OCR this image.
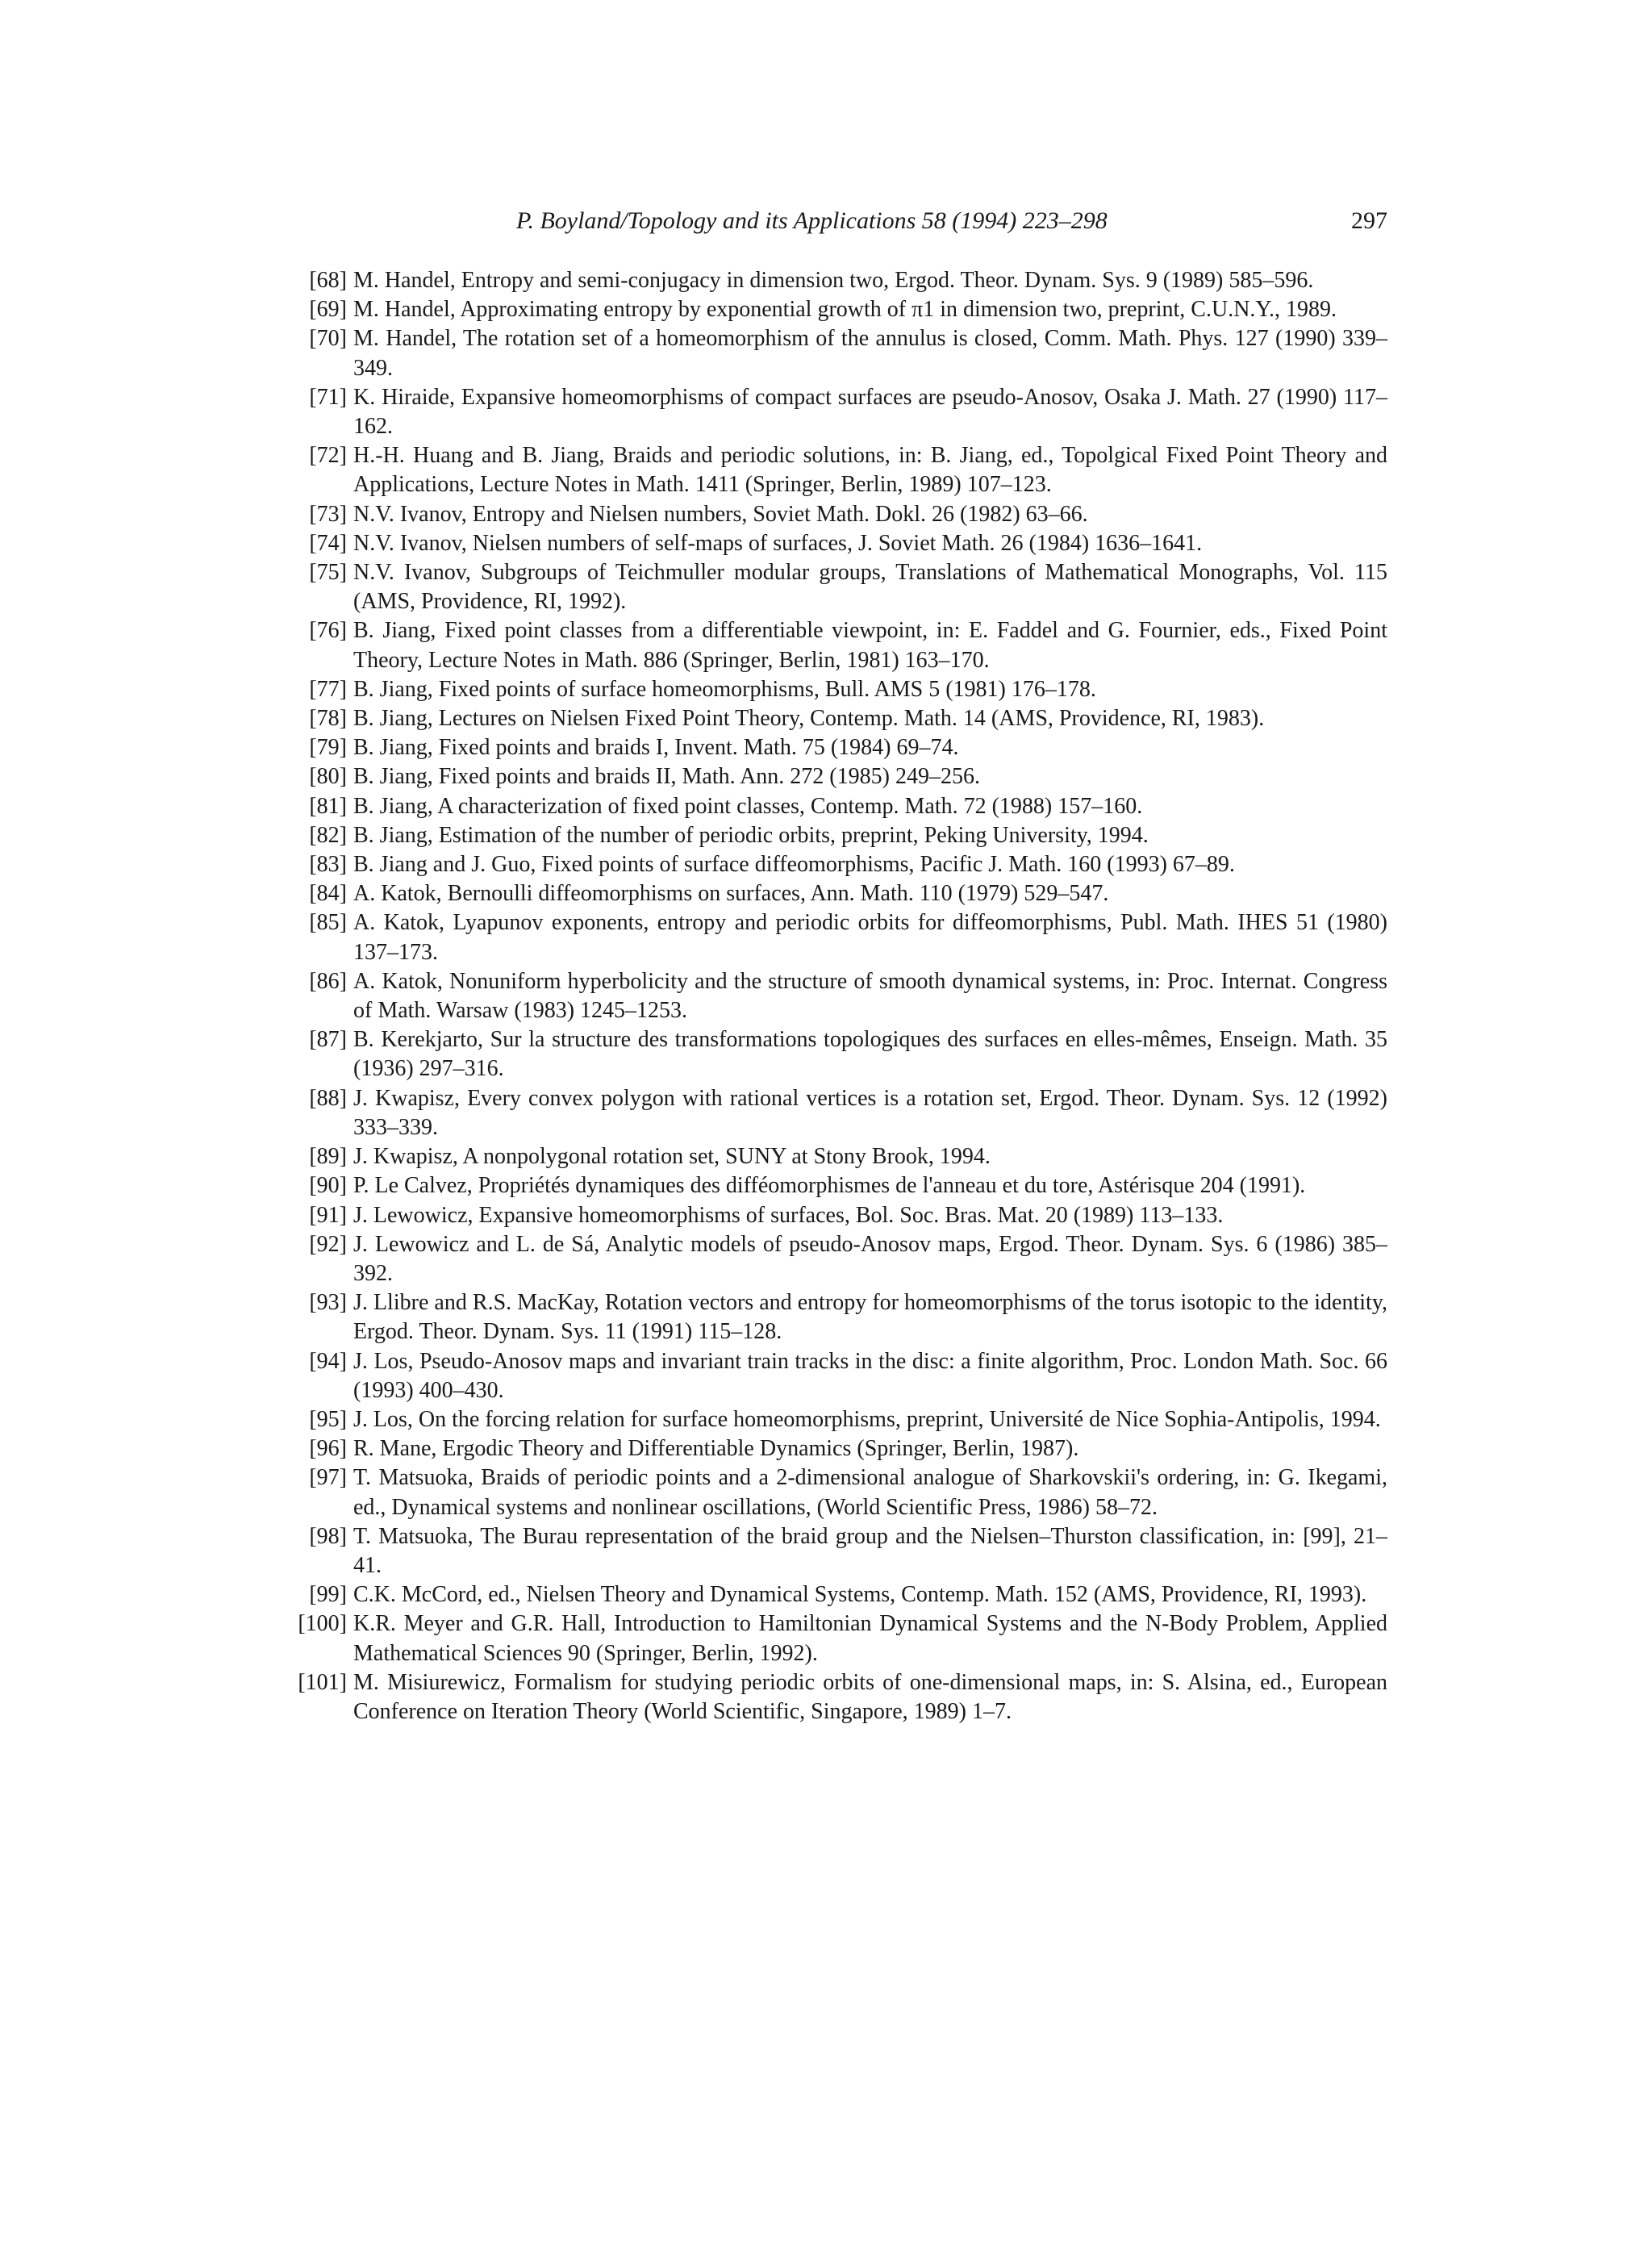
P. Boyland/Topology and its Applications 58 (1994) 223–298	297
[68] M. Handel, Entropy and semi-conjugacy in dimension two, Ergod. Theor. Dynam. Sys. 9 (1989) 585–596.
[69] M. Handel, Approximating entropy by exponential growth of π1 in dimension two, preprint, C.U.N.Y., 1989.
[70] M. Handel, The rotation set of a homeomorphism of the annulus is closed, Comm. Math. Phys. 127 (1990) 339–349.
[71] K. Hiraide, Expansive homeomorphisms of compact surfaces are pseudo-Anosov, Osaka J. Math. 27 (1990) 117–162.
[72] H.-H. Huang and B. Jiang, Braids and periodic solutions, in: B. Jiang, ed., Topolgical Fixed Point Theory and Applications, Lecture Notes in Math. 1411 (Springer, Berlin, 1989) 107–123.
[73] N.V. Ivanov, Entropy and Nielsen numbers, Soviet Math. Dokl. 26 (1982) 63–66.
[74] N.V. Ivanov, Nielsen numbers of self-maps of surfaces, J. Soviet Math. 26 (1984) 1636–1641.
[75] N.V. Ivanov, Subgroups of Teichmuller modular groups, Translations of Mathematical Monographs, Vol. 115 (AMS, Providence, RI, 1992).
[76] B. Jiang, Fixed point classes from a differentiable viewpoint, in: E. Faddel and G. Fournier, eds., Fixed Point Theory, Lecture Notes in Math. 886 (Springer, Berlin, 1981) 163–170.
[77] B. Jiang, Fixed points of surface homeomorphisms, Bull. AMS 5 (1981) 176–178.
[78] B. Jiang, Lectures on Nielsen Fixed Point Theory, Contemp. Math. 14 (AMS, Providence, RI, 1983).
[79] B. Jiang, Fixed points and braids I, Invent. Math. 75 (1984) 69–74.
[80] B. Jiang, Fixed points and braids II, Math. Ann. 272 (1985) 249–256.
[81] B. Jiang, A characterization of fixed point classes, Contemp. Math. 72 (1988) 157–160.
[82] B. Jiang, Estimation of the number of periodic orbits, preprint, Peking University, 1994.
[83] B. Jiang and J. Guo, Fixed points of surface diffeomorphisms, Pacific J. Math. 160 (1993) 67–89.
[84] A. Katok, Bernoulli diffeomorphisms on surfaces, Ann. Math. 110 (1979) 529–547.
[85] A. Katok, Lyapunov exponents, entropy and periodic orbits for diffeomorphisms, Publ. Math. IHES 51 (1980) 137–173.
[86] A. Katok, Nonuniform hyperbolicity and the structure of smooth dynamical systems, in: Proc. Internat. Congress of Math. Warsaw (1983) 1245–1253.
[87] B. Kerekjarto, Sur la structure des transformations topologiques des surfaces en elles-mêmes, Enseign. Math. 35 (1936) 297–316.
[88] J. Kwapisz, Every convex polygon with rational vertices is a rotation set, Ergod. Theor. Dynam. Sys. 12 (1992) 333–339.
[89] J. Kwapisz, A nonpolygonal rotation set, SUNY at Stony Brook, 1994.
[90] P. Le Calvez, Propriétés dynamiques des difféomorphismes de l'anneau et du tore, Astérisque 204 (1991).
[91] J. Lewowicz, Expansive homeomorphisms of surfaces, Bol. Soc. Bras. Mat. 20 (1989) 113–133.
[92] J. Lewowicz and L. de Sá, Analytic models of pseudo-Anosov maps, Ergod. Theor. Dynam. Sys. 6 (1986) 385–392.
[93] J. Llibre and R.S. MacKay, Rotation vectors and entropy for homeomorphisms of the torus isotopic to the identity, Ergod. Theor. Dynam. Sys. 11 (1991) 115–128.
[94] J. Los, Pseudo-Anosov maps and invariant train tracks in the disc: a finite algorithm, Proc. London Math. Soc. 66 (1993) 400–430.
[95] J. Los, On the forcing relation for surface homeomorphisms, preprint, Université de Nice Sophia-Antipolis, 1994.
[96] R. Mane, Ergodic Theory and Differentiable Dynamics (Springer, Berlin, 1987).
[97] T. Matsuoka, Braids of periodic points and a 2-dimensional analogue of Sharkovskii's ordering, in: G. Ikegami, ed., Dynamical systems and nonlinear oscillations, (World Scientific Press, 1986) 58–72.
[98] T. Matsuoka, The Burau representation of the braid group and the Nielsen–Thurston classification, in: [99], 21–41.
[99] C.K. McCord, ed., Nielsen Theory and Dynamical Systems, Contemp. Math. 152 (AMS, Providence, RI, 1993).
[100] K.R. Meyer and G.R. Hall, Introduction to Hamiltonian Dynamical Systems and the N-Body Problem, Applied Mathematical Sciences 90 (Springer, Berlin, 1992).
[101] M. Misiurewicz, Formalism for studying periodic orbits of one-dimensional maps, in: S. Alsina, ed., European Conference on Iteration Theory (World Scientific, Singapore, 1989) 1–7.
